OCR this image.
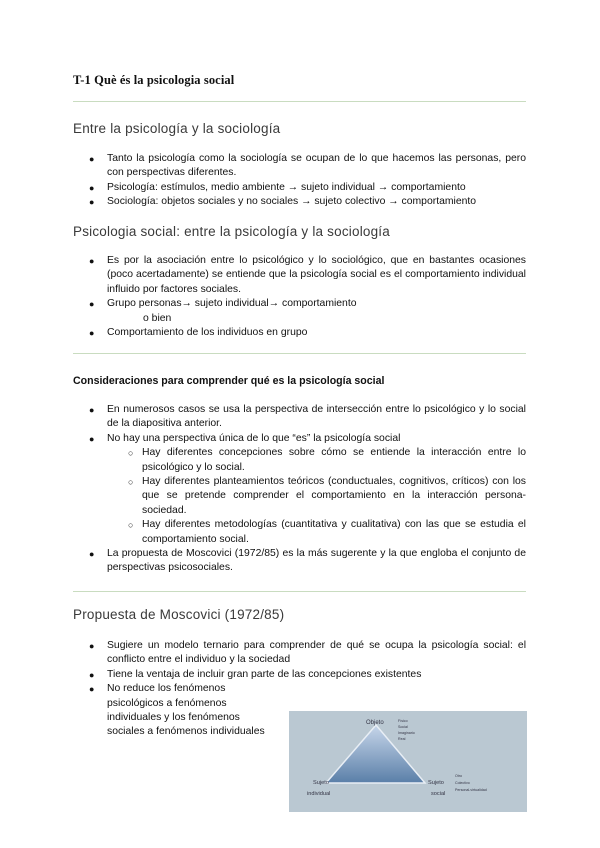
T-1 Què és la psicologia social
Entre la psicología y la sociología
● Tanto la psicología como la sociología se ocupan de lo que hacemos las personas, pero con perspectivas diferentes.
● Psicología: estímulos, medio ambiente → sujeto individual → comportamiento
● Sociología: objetos sociales y no sociales → sujeto colectivo → comportamiento
Psicologia social: entre la psicología y la sociología
● Es por la asociación entre lo psicológico y lo sociológico, que en bastantes ocasiones (poco acertadamente) se entiende que la psicología social es el comportamiento individual influido por factores sociales.
● Grupo personas→ sujeto individual→ comportamiento
o bien
● Comportamiento de los individuos en grupo
Consideraciones para comprender qué es la psicología social
● En numerosos casos se usa la perspectiva de intersección entre lo psicológico y lo social de la diapositiva anterior.
● No hay una perspectiva única de lo que “es” la psicología social
○ Hay diferentes concepciones sobre cómo se entiende la interacción entre lo psicológico y lo social.
○ Hay diferentes planteamientos teóricos (conductuales, cognitivos, críticos) con los que se pretende comprender el comportamiento en la interacción persona-sociedad.
○ Hay diferentes metodologías (cuantitativa y cualitativa) con las que se estudia el comportamiento social.
● La propuesta de Moscovici (1972/85) es la más sugerente y la que engloba el conjunto de perspectivas psicosociales.
Propuesta de Moscovici (1972/85)
● Sugiere un modelo ternario para comprender de qué se ocupa la psicología social: el conflicto entre el individuo y la sociedad
● Tiene la ventaja de incluir gran parte de las concepciones existentes
● No reduce los fenómenos psicológicos a fenómenos individuales y los fenómenos sociales a fenómenos individuales
Objeto	Físico
Social
Imaginario
Real
Sujeto
individual
Sujeto
social
Otro
Colectivo
Personal-virtualidad
